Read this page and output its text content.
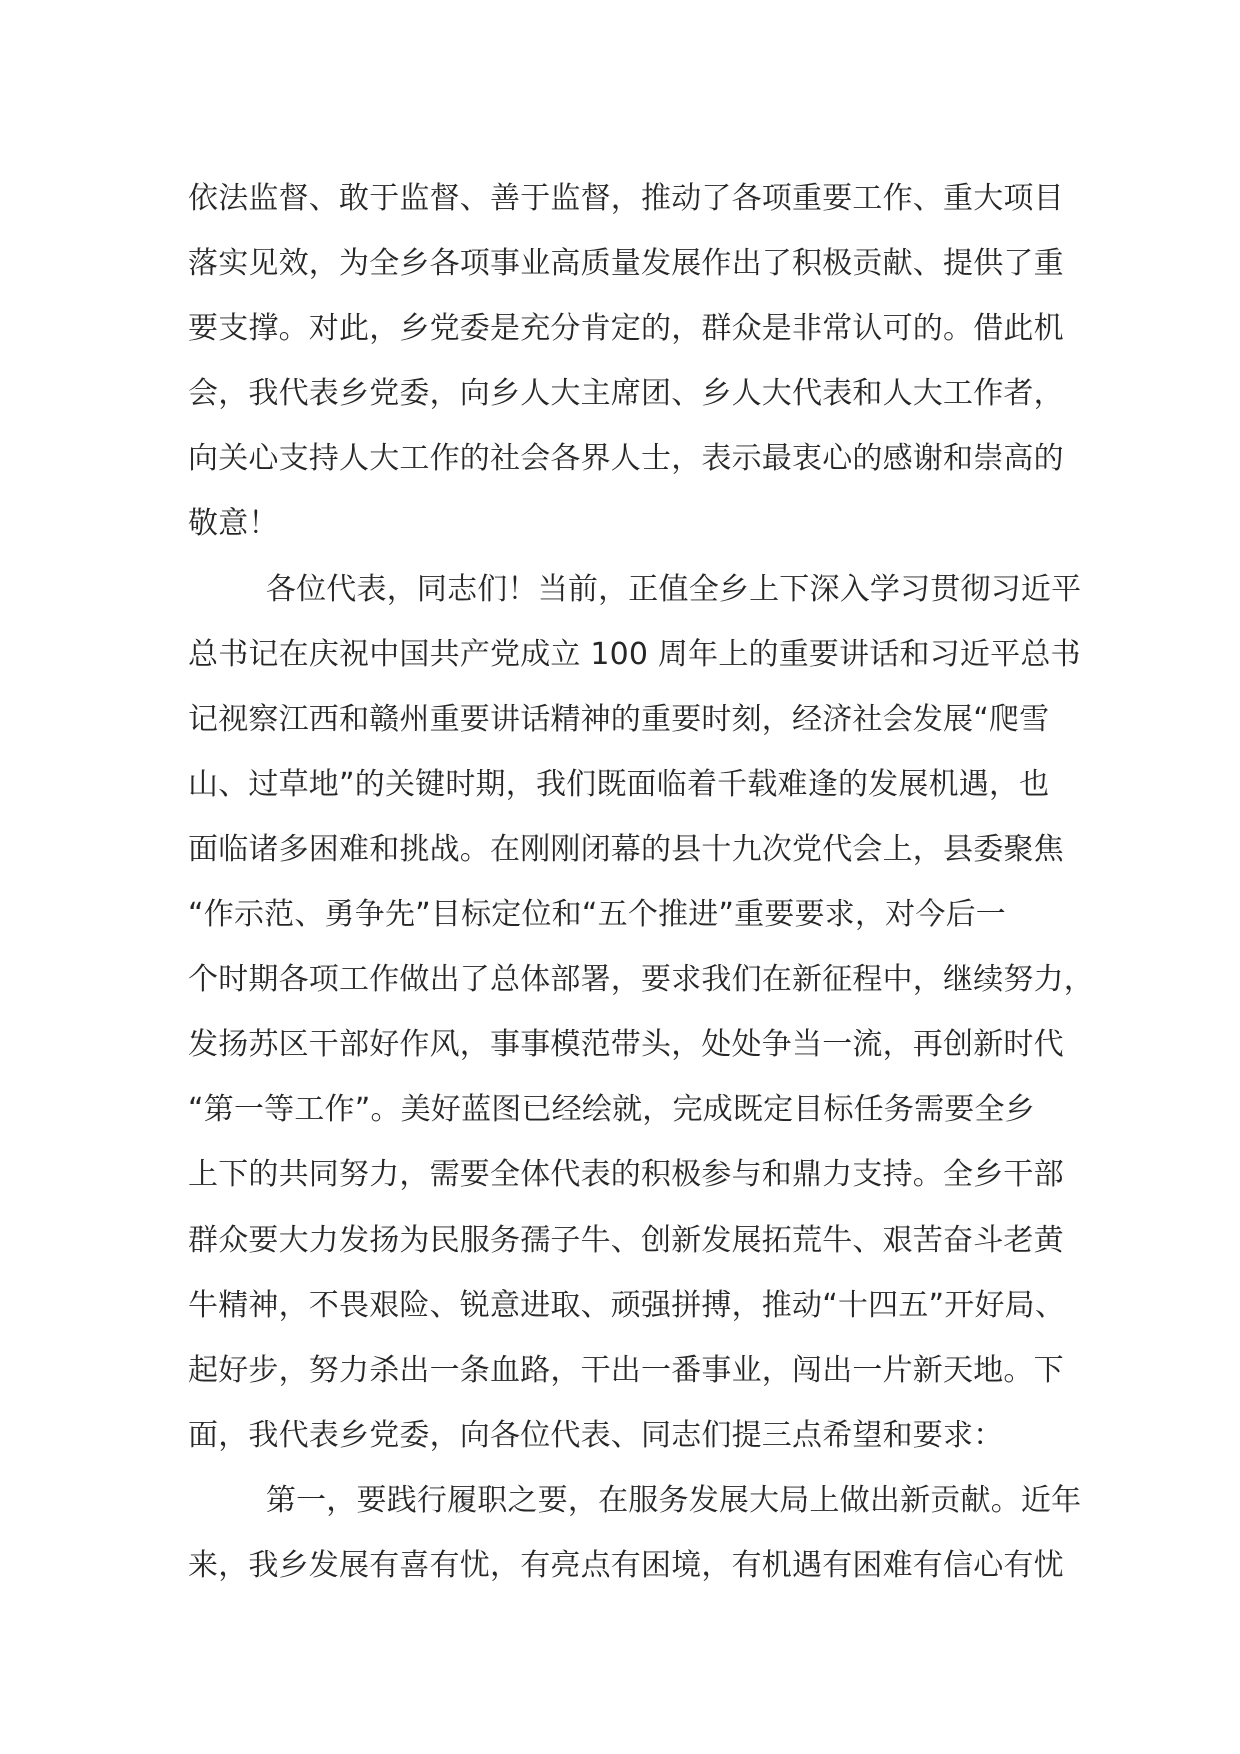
依法监督、敢于监督、善于监督，推动了各项重要工作、重大项目
落实见效，为全乡各项事业高质量发展作出了积极贡献、提供了重
要支撑。对此，乡党委是充分肯定的，群众是非常认可的。借此机
会，我代表乡党委，向乡人大主席团、乡人大代表和人大工作者，
向关心支持人大工作的社会各界人士，表示最衷心的感谢和崇高的
敬意！
各位代表，同志们！当前，正值全乡上下深入学习贯彻习近平
总书记在庆祝中国共产党成立 100 周年上的重要讲话和习近平总书
记视察江西和赣州重要讲话精神的重要时刻，经济社会发展“爬雪
山、过草地”的关键时期，我们既面临着千载难逢的发展机遇，也
面临诸多困难和挑战。在刚刚闭幕的县十九次党代会上，县委聚焦
“作示范、勇争先”目标定位和“五个推进”重要要求，对今后一
个时期各项工作做出了总体部署，要求我们在新征程中，继续努力，
发扬苏区干部好作风，事事模范带头，处处争当一流，再创新时代
“第一等工作”。美好蓝图已经绘就，完成既定目标任务需要全乡
上下的共同努力，需要全体代表的积极参与和鼎力支持。全乡干部
群众要大力发扬为民服务孺子牛、创新发展拓荒牛、艰苦奋斗老黄
牛精神，不畏艰险、锐意进取、顽强拼搏，推动“十四五”开好局、
起好步，努力杀出一条血路，干出一番事业，闯出一片新天地。下
面，我代表乡党委，向各位代表、同志们提三点希望和要求：
第一，要践行履职之要，在服务发展大局上做出新贡献。近年
来，我乡发展有喜有忧，有亮点有困境，有机遇有困难有信心有忧
